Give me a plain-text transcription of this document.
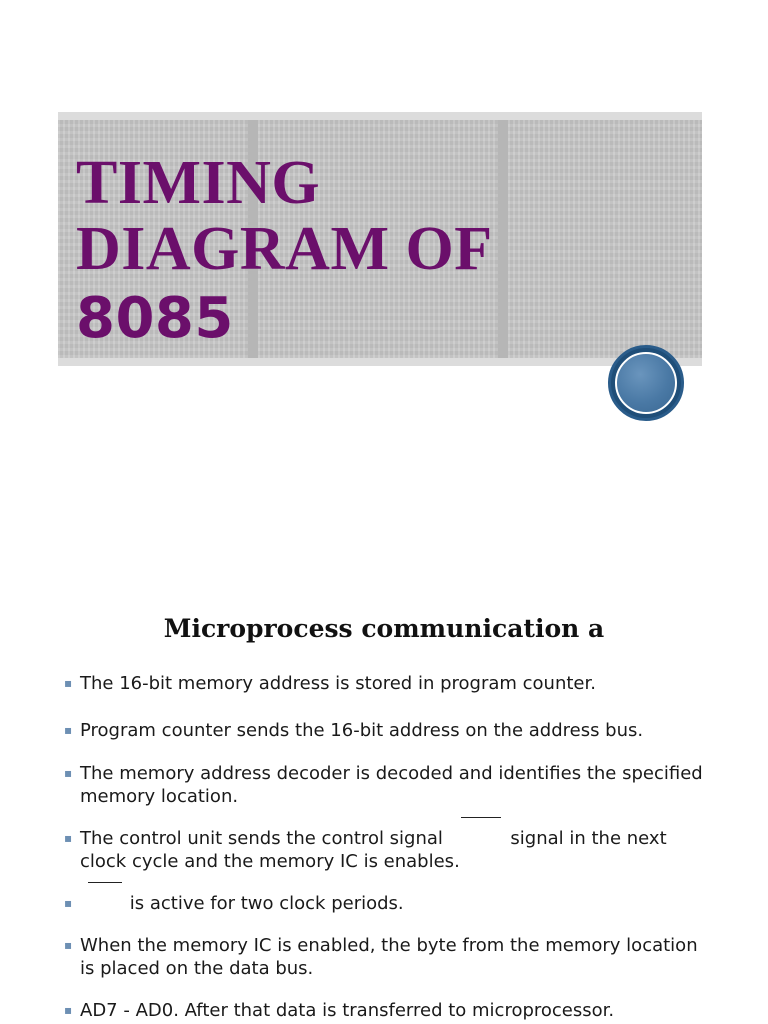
TIMING
DIAGRAM OF
8085
Microprocess communication a
▪ The 16-bit memory address is stored in program counter.
▪ Program counter sends the 16-bit address on the address bus.
▪ The memory address decoder is decoded and identifies the specified
memory location.
▪ The control unit sends the control signal	signal in the next
clock cycle and the memory IC is enables.
▪	is active for two clock periods.
▪ When the memory IC is enabled, the byte from the memory location
is placed on the data bus.
▪ AD7 - AD0. After that data is transferred to microprocessor.
